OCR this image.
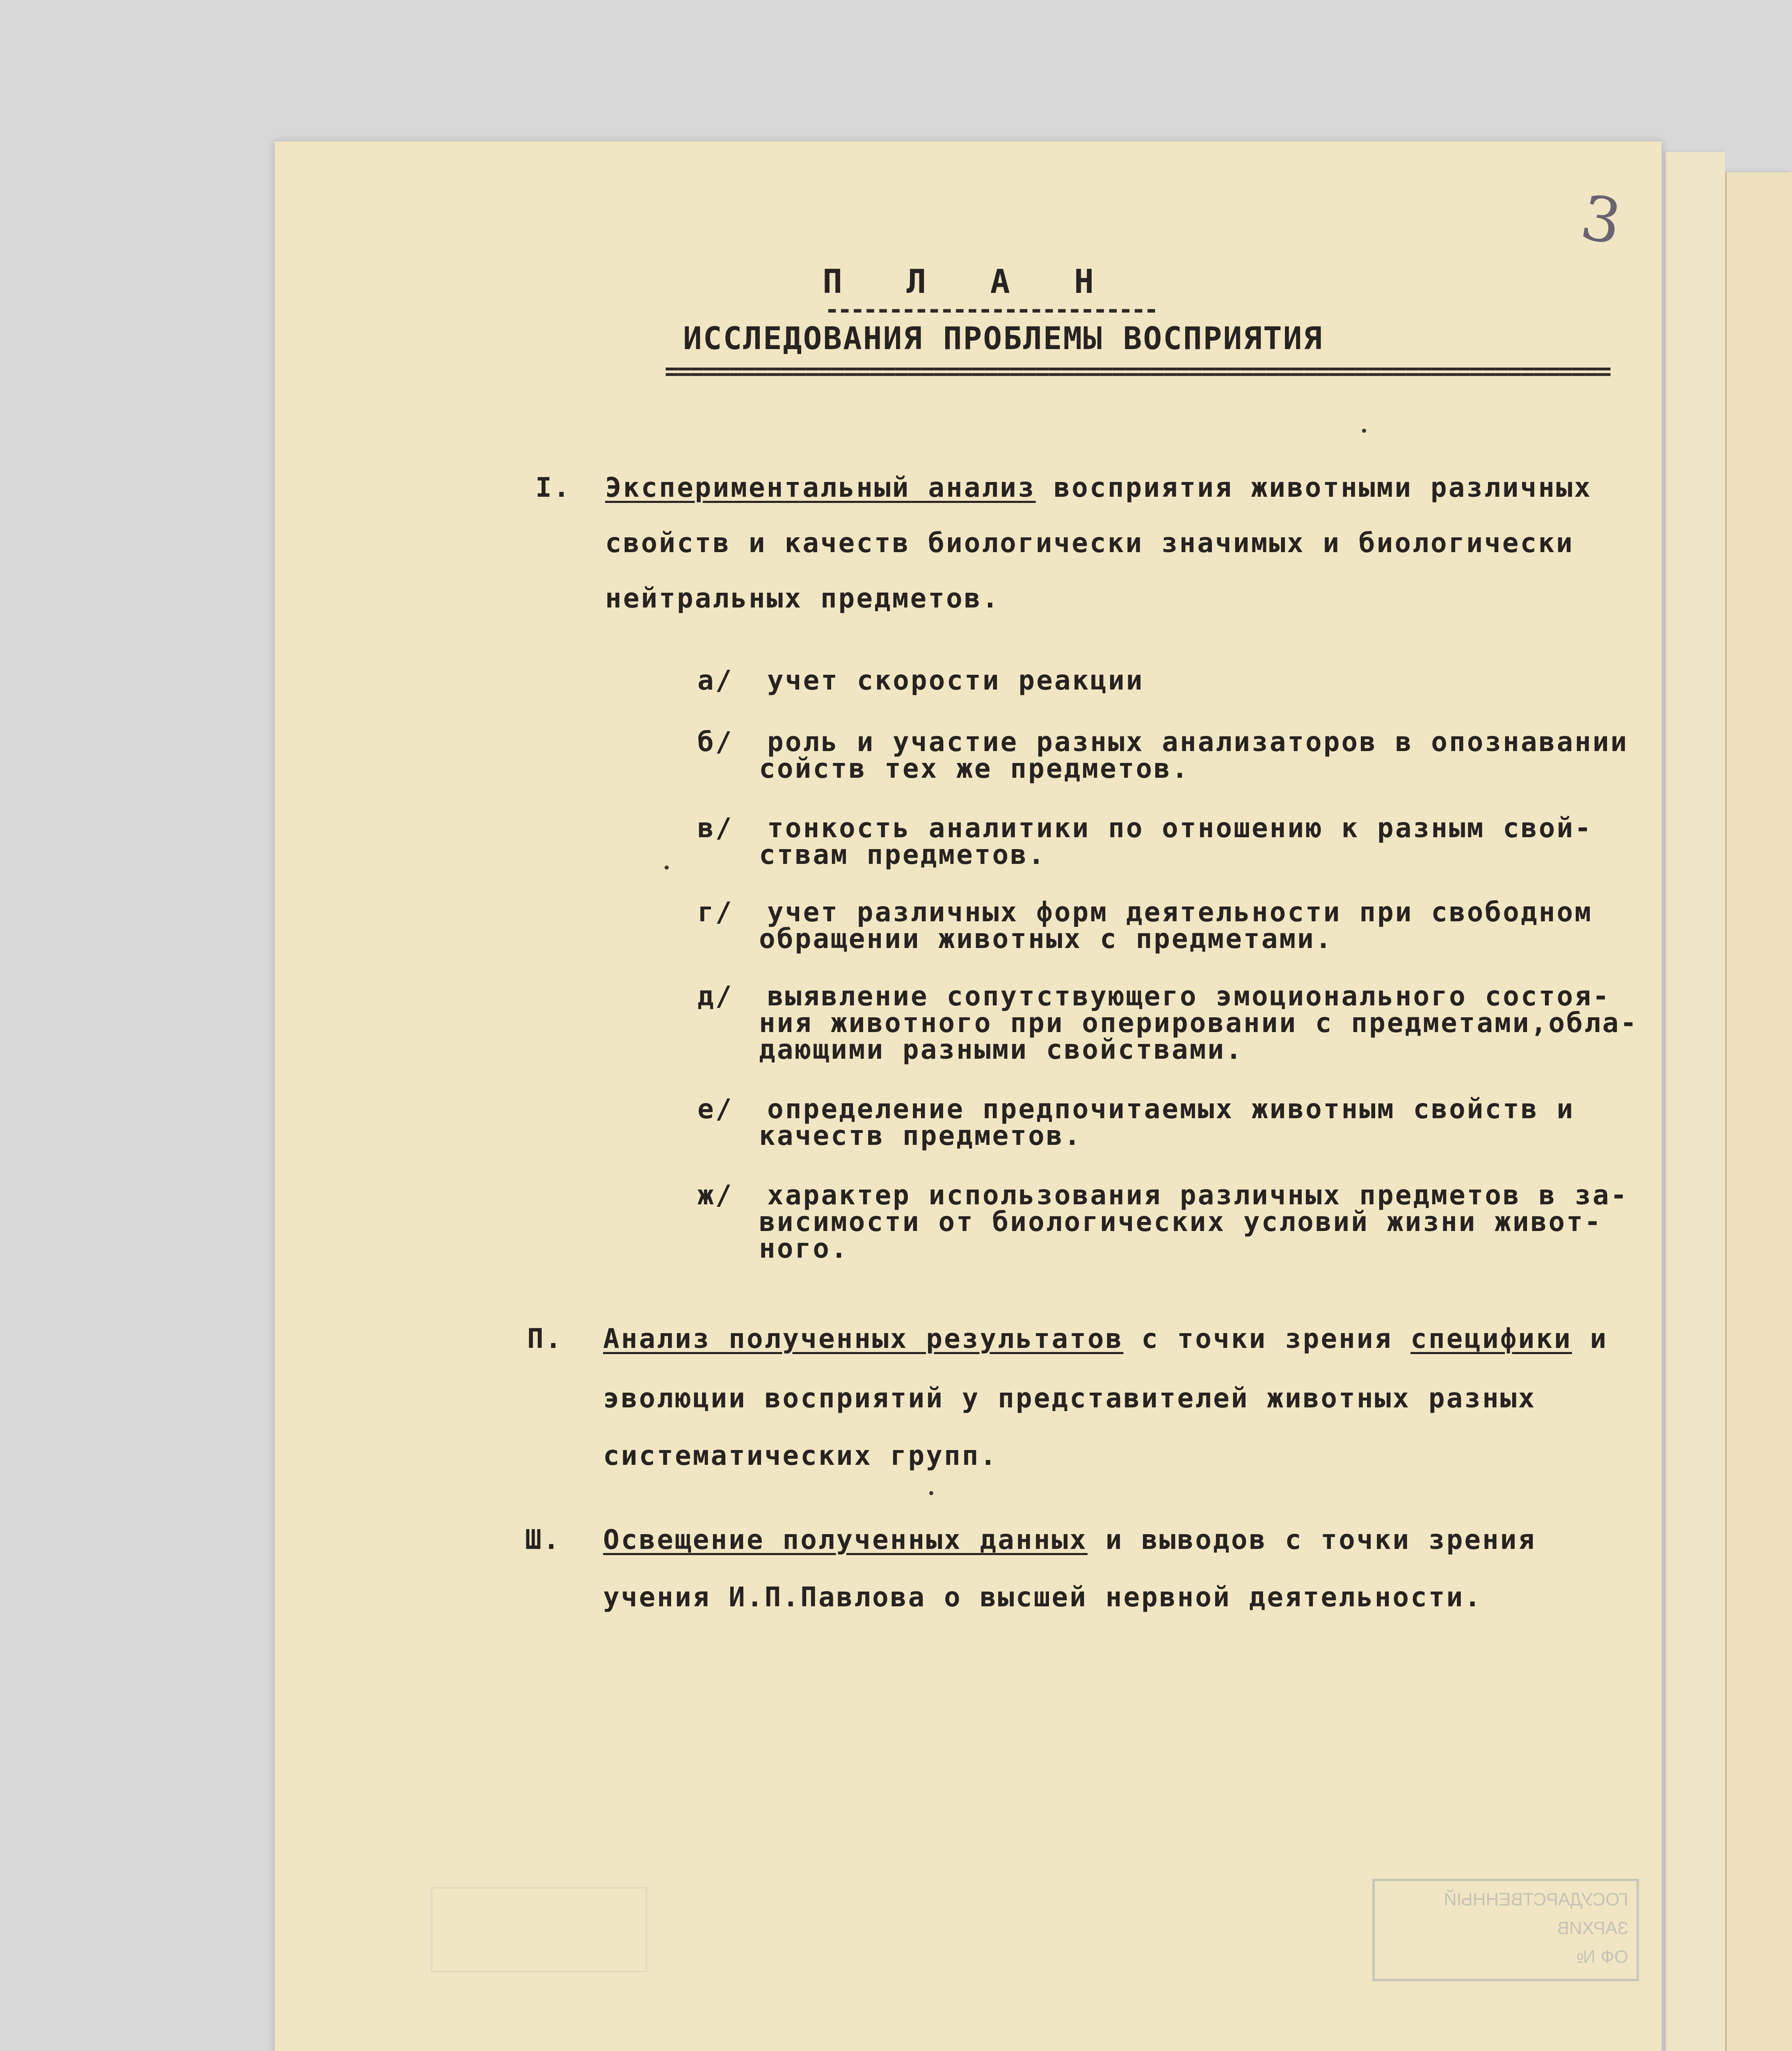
3
П Л А Н
--------------------------
ИССЛЕДОВАНИЯ ПРОБЛЕМЫ ВОСПРИЯТИЯ
==========================================================================
I. Экспериментальный анализ восприятия животными различных
свойств и качеств биологически значимых и биологически
нейтральных предметов.
а/ учет скорости реакции
б/ роль и участие разных анализаторов в опознавании
сойств тех же предметов.
в/ тонкость аналитики по отношению к разным свой-
ствам предметов.
г/ учет различных форм деятельности при свободном
обращении животных с предметами.
д/ выявление сопутствующего эмоционального состоя-
ния животного при оперировании с предметами,обла-
дающими разными свойствами.
е/ определение предпочитаемых животным свойств и
качеств предметов.
ж/ характер использования различных предметов в за-
висимости от биологических условий жизни живот-
ного.
П. Анализ полученных результатов с точки зрения специфики и
эволюции восприятий у представителей животных разных
систематических групп.
Ш. Освещение полученных данных и выводов с точки зрения
учения И.П.Павлова о высшей нервной деятельности.
ГОСУДАРСТВЕННЫЙ
ЗАРХИВ
ОФ №
